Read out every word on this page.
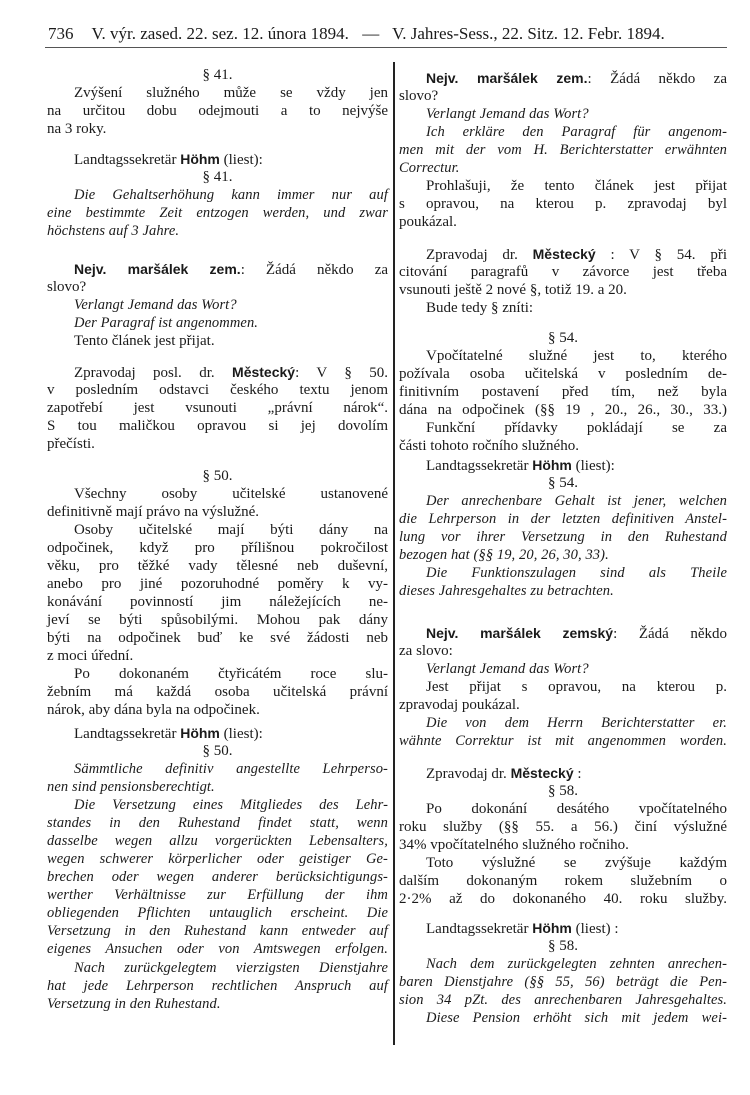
736 V. výr. zased. 22. sez. 12. února 1894. — V. Jahres-Sess., 22. Sitz. 12. Febr. 1894.
§ 41.
Zvýšení služného může se vždy jen
na určitou dobu odejmouti a to nejvýše
na 3 roky.
Landtagssekretär Höhm (liest):
§ 41.
Die Gehaltserhöhung kann immer nur auf
eine bestimmte Zeit entzogen werden, und zwar
höchstens auf 3 Jahre.
Nejv. maršálek zem.: Žádá někdo za
slovo?
Verlangt Jemand das Wort?
Der Paragraf ist angenommen.
Tento článek jest přijat.
Zpravodaj posl. dr. Městecký: V § 50.
v posledním odstavci českého textu jenom
zapotřebí jest vsunouti „právní nárok“.
S tou maličkou opravou si jej dovolím
přečísti.
§ 50.
Všechny osoby učitelské ustanovené
definitivně mají právo na výslužné.
Osoby učitelské mají býti dány na
odpočinek, když pro přílišnou pokročilost
věku, pro těžké vady tělesné neb duševní,
anebo pro jiné pozoruhodné poměry k vy-
konávání povinností jim náležejících ne-
jeví se býti spůsobilými. Mohou pak dány
býti na odpočinek buď ke své žádosti neb
z moci úřední.
Po dokonaném čtyřicátém roce slu-
žebním má každá osoba učitelská právní
nárok, aby dána byla na odpočinek.
Landtagssekretär Höhm (liest):
§ 50.
Sämmtliche definitiv angestellte Lehrperso-
nen sind pensionsberechtigt.
Die Versetzung eines Mitgliedes des Lehr-
standes in den Ruhestand findet statt, wenn
dasselbe wegen allzu vorgerückten Lebensalters,
wegen schwerer körperlicher oder geistiger Ge-
brechen oder wegen anderer berücksichtigungs-
werther Verhältnisse zur Erfüllung der ihm
obliegenden Pflichten untauglich erscheint. Die
Versetzung in den Ruhestand kann entweder auf
eigenes Ansuchen oder von Amtswegen erfolgen.
Nach zurückgelegtem vierzigsten Dienstjahre
hat jede Lehrperson rechtlichen Anspruch auf
Versetzung in den Ruhestand.
Nejv. maršálek zem.: Žádá někdo za
slovo?
Verlangt Jemand das Wort?
Ich erkläre den Paragraf für angenom-
men mit der vom H. Berichterstatter erwähnten
Correctur.
Prohlašuji, že tento článek jest přijat
s opravou, na kterou p. zpravodaj byl
poukázal.
Zpravodaj dr. Městecký : V § 54. při
citování paragrafů v závorce jest třeba
vsunouti ještě 2 nové §, totiž 19. a 20.
Bude tedy § zníti:
§ 54.
Vpočítatelné služné jest to, kterého
požívala osoba učitelská v posledním de-
finitivním postavení před tím, než byla
dána na odpočinek (§§ 19 , 20., 26., 30., 33.)
Funkční přídavky pokládají se za
části tohoto ročního služného.
Landtagssekretär Höhm (liest):
§ 54.
Der anrechenbare Gehalt ist jener, welchen
die Lehrperson in der letzten definitiven Anstel-
lung vor ihrer Versetzung in den Ruhestand
bezogen hat (§§ 19, 20, 26, 30, 33).
Die Funktionszulagen sind als Theile
dieses Jahresgehaltes zu betrachten.
Nejv. maršálek zemský: Žádá někdo
za slovo:
Verlangt Jemand das Wort?
Jest přijat s opravou, na kterou p.
zpravodaj poukázal.
Die von dem Herrn Berichterstatter er.
wähnte Correktur ist mit angenommen worden.
Zpravodaj dr. Městecký :
§ 58.
Po dokonání desátého vpočítatelného
roku služby (§§ 55. a 56.) činí výslužné
34% vpočítatelného služného ročniho.
Toto výslužné se zvýšuje každým
dalším dokonaným rokem služebním o
2·2% až do dokonaného 40. roku služby.
Landtagssekretär Höhm (liest) :
§ 58.
Nach dem zurückgelegten zehnten anrechen-
baren Dienstjahre (§§ 55, 56) beträgt die Pen-
sion 34 pZt. des anrechenbaren Jahresgehaltes.
Diese Pension erhöht sich mit jedem wei-
